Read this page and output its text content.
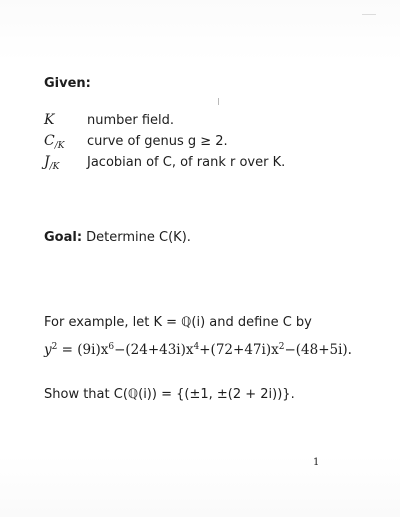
Given:
K	number field.
$C_{/K}$ curve of genus g ≥ 2.
$J_{/K}$ Jacobian of C, of rank r over K.
Goal: Determine C(K).
For example, let K = ℚ(i) and define C by
$y^2 = (9i)x^6-(24+43i)x^4+(72+47i)x^2-(48+5i)$.
Show that C(ℚ(i)) = {(±1, ±(2 + 2i))}.
1
